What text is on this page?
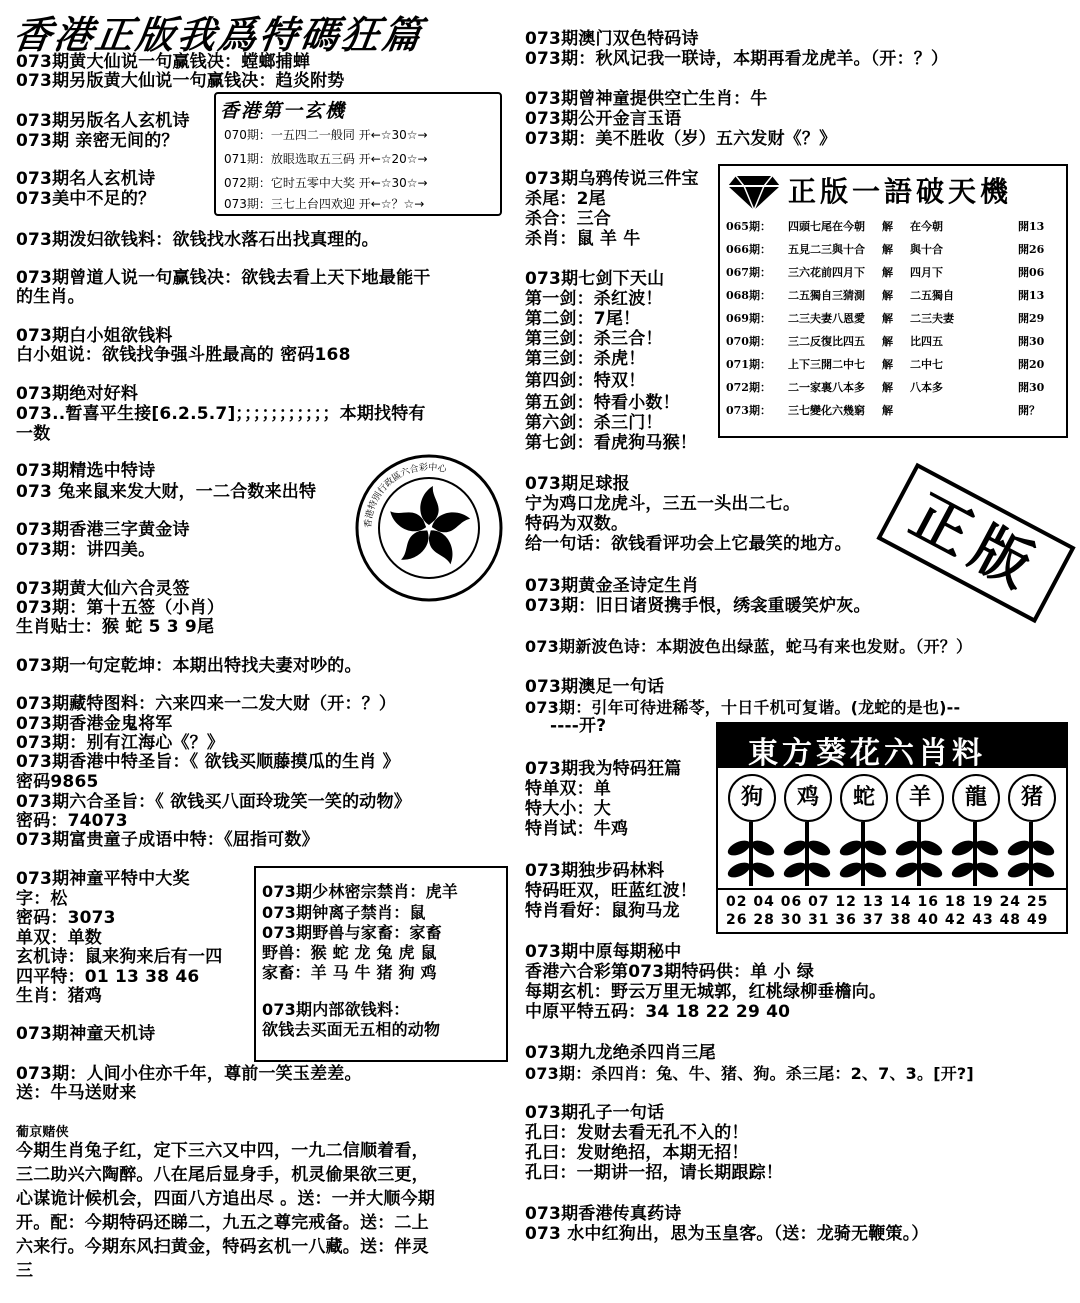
香港正版我爲特碼狂篇
073期黄大仙说一句赢钱决：螳螂捕蝉
073期另版黄大仙说一句赢钱决：趋炎附势
073期另版名人玄机诗
073期 亲密无间的？
073期名人玄机诗
073美中不足的？
073期泼妇欲钱料：欲钱找水落石出找真理的。
073期曾道人说一句赢钱决：欲钱去看上天下地最能干
的生肖。
073期白小姐欲钱料
白小姐说：欲钱找争强斗胜最高的 密码168
073期绝对好料
073..暂喜平生接[6.2.5.7]；；；；；；；；；；；本期找特有
一数
073期精选中特诗
073 兔来鼠来发大财，一二合数来出特
073期香港三字黄金诗
073期：讲四美。
073期黄大仙六合灵签
073期：第十五签（小肖）
生肖贴士：猴 蛇 5 3 9尾
073期一句定乾坤：本期出特找夫妻对吵的。
073期藏特图料：六来四来一二发大财（开：？）
073期香港金鬼将军
073期：别有江海心《？》
073期香港中特圣旨：《 欲钱买顺藤摸瓜的生肖 》
密码9865
073期六合圣旨：《 欲钱买八面玲珑笑一笑的动物》
密码：74073
073期富贵童子成语中特：《屈指可数》
073期神童平特中大奖
字：松
密码：3073
单双：单数
玄机诗：鼠来狗来后有一四
四平特：01 13 38 46
生肖：猪鸡
073期神童天机诗
073期：人间小住亦千年，尊前一笑玉差差。
送：牛马送财来
葡京赌侠
今期生肖兔子红，定下三六又中四，一九二信顺着看，
三二助兴六陶醉。八在尾后显身手，机灵偷果欲三更，
心谋诡计候机会，四面八方追出尽 。送：一并大顺今期
开。配：今期特码还睇二，九五之尊完戒备。送：二上
六来行。今期东风扫黄金，特码玄机一八藏。送：伴灵
三
香港第一玄機
070期：一五四二一般同 开←☆30☆→
071期：放眼选取五三码 开←☆20☆→
072期：它时五零中大奖 开←☆30☆→
073期：三七上台四欢迎 开←☆？☆→
香港特別行政區六合彩中心
073期少林密宗禁肖：虎羊
073期钟离子禁肖：鼠
073期野兽与家畜：家畜
野兽：猴 蛇 龙 兔 虎 鼠
家畜：羊 马 牛 猪 狗 鸡
073期内部欲钱料：
欲钱去买面无五相的动物
073期澳门双色特码诗
073期：秋风记我一联诗，本期再看龙虎羊。（开：？）
073期曾神童提供空亡生肖：牛
073期公开金言玉语
073期：美不胜收（岁）五六发财《？》
073期乌鸦传说三件宝
杀尾：2尾
杀合：三合
杀肖：鼠 羊 牛
073期七剑下天山
第一剑：杀红波！
第二剑：7尾！
第三剑：杀三合！
第三剑：杀虎！
第四剑：特双！
第五剑：特看小数！
第六剑：杀三门！
第七剑：看虎狗马猴！
073期足球报
宁为鸡口龙虎斗，三五一头出二七。
特码为双数。
给一句话：欲钱看评功会上它最笑的地方。
073期黄金圣诗定生肖
073期：旧日诸贤携手恨，绣衾重暖笑炉灰。
073期新波色诗：本期波色出绿蓝，蛇马有来也发财。（开？）
073期澳足一句话
073期：引年可待进稀苓，十日千机可复谐。(龙蛇的是也)--
----开?
073期我为特码狂篇
特单双：单
特大小：大
特肖试：牛鸡
073期独步码林料
特码旺双，旺蓝红波！
特肖看好：鼠狗马龙
073期中原每期秘中
香港六合彩第073期特码供：单 小 绿
每期玄机：野云万里无城郭，红桃绿柳垂檐向。
中原平特五码：34 18 22 29 40
073期九龙绝杀四肖三尾
073期：杀四肖：兔、牛、猪、狗。杀三尾：2、7、3。[开?]
073期孔子一句话
孔曰：发财去看无孔不入的！
孔曰：发财绝招，本期无招！
孔曰：一期讲一招，请长期跟踪！
073期香港传真药诗
073 水中红狗出，思为玉皇客。（送：龙骑无鞭策。）
正版一語破天機
065期： 四頭七尾在今朝 解 在今朝	開13
066期： 五見二三與十合 解 與十合	開26
067期： 三六花前四月下 解 四月下	開06
068期： 二五獨自三猜測 解 二五獨自	開13
069期： 二三夫妻八恩愛 解 二三夫妻	開29
070期： 三二反復比四五 解 比四五	開30
071期： 上下三開二中七 解 二中七	開20
072期： 二一家裏八本多 解 八本多	開30
073期： 三七變化六幾窮 解	開？
正版
東方葵花六肖料
狗	鸡	蛇	羊	龍	猪
02 04 06 07 12 13 14 16 18 19 24 25
26 28 30 31 36 37 38 40 42 43 48 49
